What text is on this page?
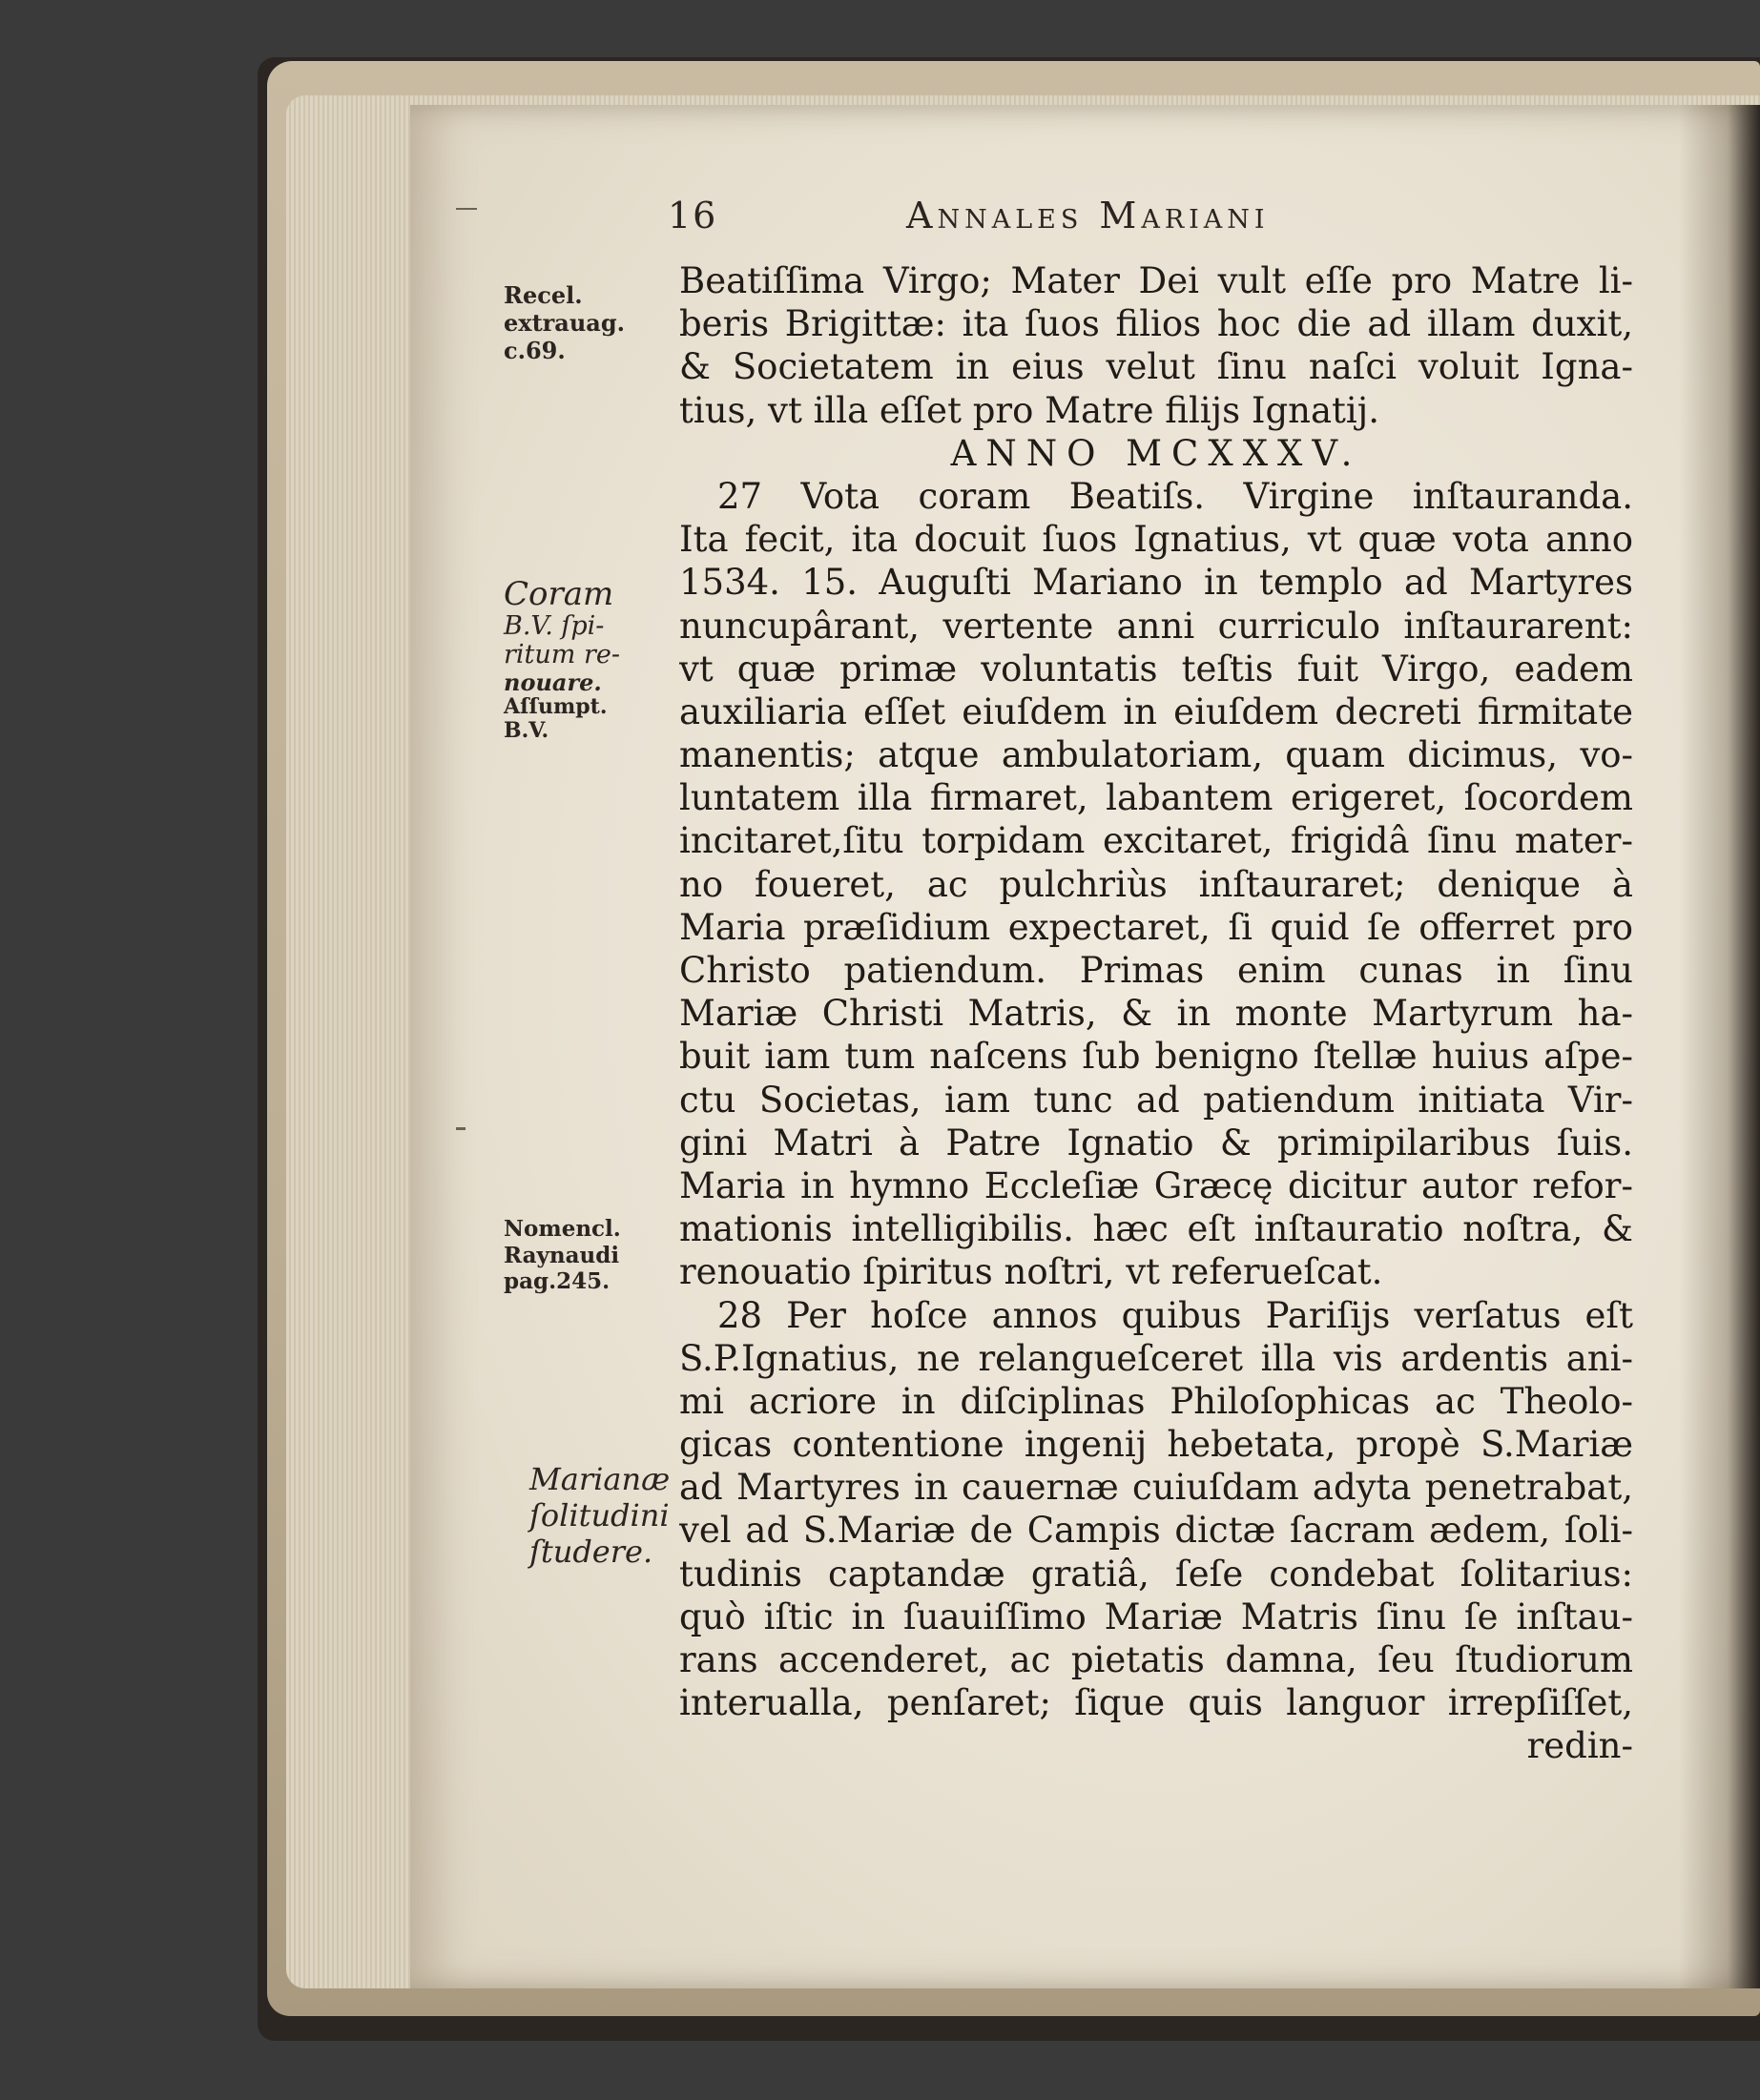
16	Annales Mariani
Recel.
extrauag.
c.69.
Coram
B.V. ſpi-
ritum re-
nouare.
Aſſumpt.
B.V.
Nomencl.
Raynaudi
pag.245.
Marianæ
ſolitudini
ſtudere.
Beatiſſima Virgo; Mater Dei vult eſſe pro Matre li-
beris Brigittæ: ita ſuos filios hoc die ad illam duxit,
& Societatem in eius velut ſinu naſci voluit Igna-
tius, vt illa eſſet pro Matre filijs Ignatij.
ANNO MCXXXV.
27 Vota coram Beatiſs. Virgine inſtauranda.
Ita fecit, ita docuit ſuos Ignatius, vt quæ vota anno
1534. 15. Auguſti Mariano in templo ad Martyres
nuncupârant, vertente anni curriculo inſtaurarent:
vt quæ primæ voluntatis teſtis fuit Virgo, eadem
auxiliaria eſſet eiuſdem in eiuſdem decreti firmitate
manentis; atque ambulatoriam, quam dicimus, vo-
luntatem illa firmaret, labantem erigeret, ſocordem
incitaret,ſitu torpidam excitaret, frigidâ ſinu mater-
no foueret, ac pulchriùs inſtauraret; denique à
Maria præſidium expectaret, ſi quid ſe offerret pro
Christo patiendum. Primas enim cunas in ſinu
Mariæ Christi Matris, & in monte Martyrum ha-
buit iam tum naſcens ſub benigno ſtellæ huius aſpe-
ctu Societas, iam tunc ad patiendum initiata Vir-
gini Matri à Patre Ignatio & primipilaribus ſuis.
Maria in hymno Eccleſiæ Græcę dicitur autor refor-
mationis intelligibilis. hæc eſt inſtauratio noſtra, &
renouatio ſpiritus noſtri, vt referueſcat.
28 Per hoſce annos quibus Pariſijs verſatus eſt
S.P.Ignatius, ne relangueſceret illa vis ardentis ani-
mi acriore in diſciplinas Philoſophicas ac Theolo-
gicas contentione ingenij hebetata, propè S.Mariæ
ad Martyres in cauernæ cuiuſdam adyta penetrabat,
vel ad S.Mariæ de Campis dictæ ſacram ædem, ſoli-
tudinis captandæ gratiâ, ſeſe condebat ſolitarius:
quò iſtic in ſuauiſſimo Mariæ Matris ſinu ſe inſtau-
rans accenderet, ac pietatis damna, ſeu ſtudiorum
interualla, penſaret; ſique quis languor irrepſiſſet,
redin-
